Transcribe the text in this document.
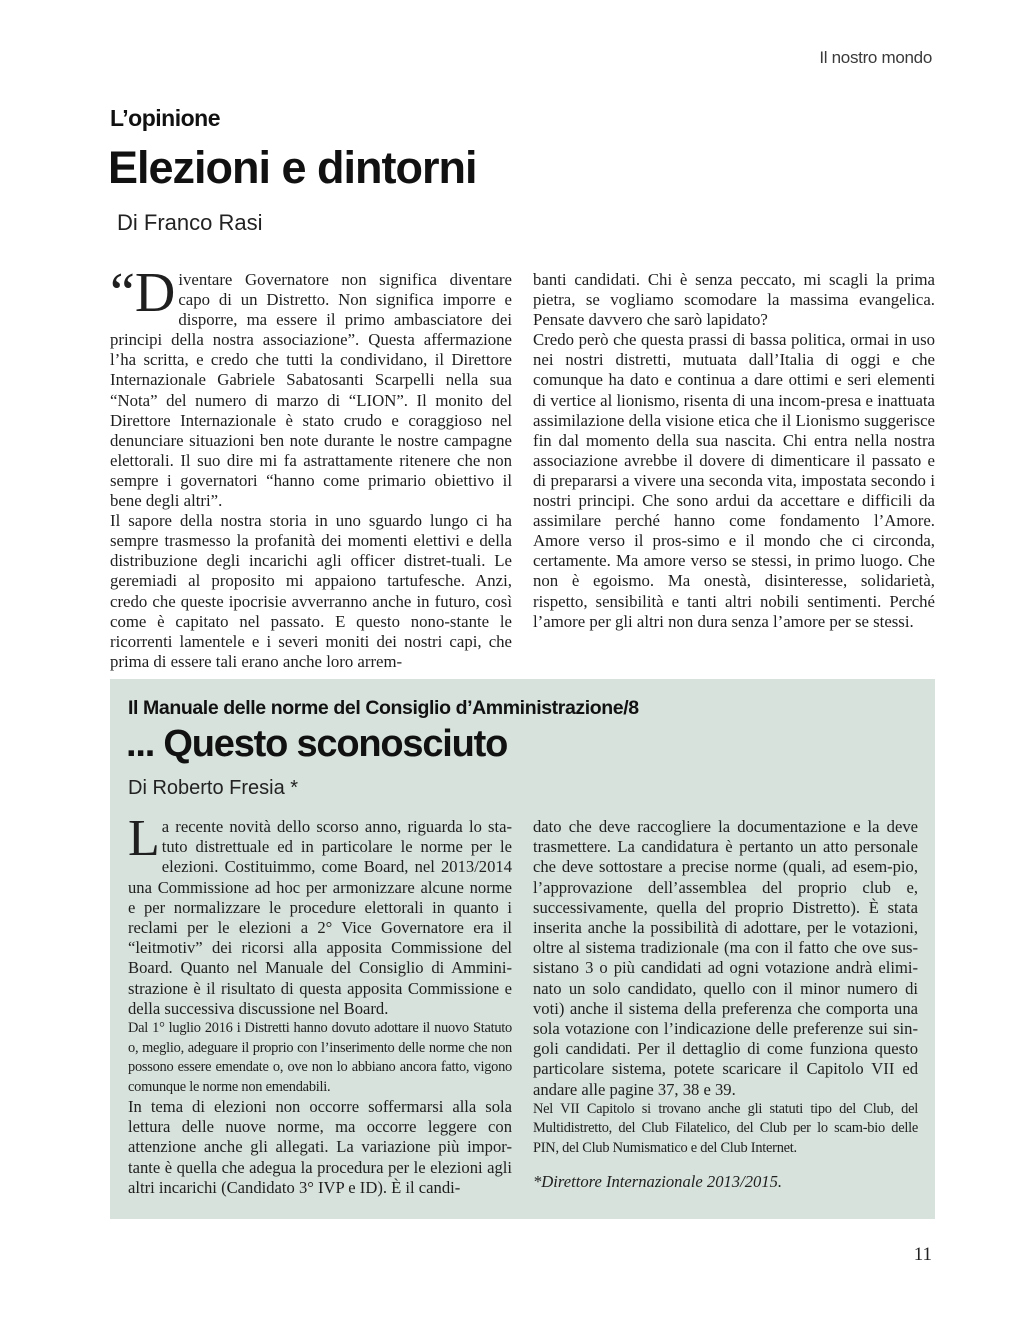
Il nostro mondo
L’opinione
Elezioni e dintorni
Di Franco Rasi

“D iventare Governatore non significa diventare capo di un Distretto. Non significa imporre e disporre, ma essere il primo ambasciatore dei principi della nostra associazione”. Questa affermazione l’ha scritta, e credo che tutti la condividano, il Direttore Internazionale Gabriele Sabatosanti Scarpelli nella sua “Nota” del numero di marzo di “LION”. Il monito del Direttore Internazionale è stato crudo e coraggioso nel denunciare situazioni ben note durante le nostre campagne elettorali. Il suo dire mi fa astrattamente ritenere che non sempre i governatori “hanno come primario obiettivo il bene degli altri”.

Il sapore della nostra storia in uno sguardo lungo ci ha sempre trasmesso la profanità dei momenti elettivi e della distribuzione degli incarichi agli officer distret-tuali. Le geremiadi al proposito mi appaiono tartufesche. Anzi, credo che queste ipocrisie avverranno anche in futuro, così come è capitato nel passato. E questo nono-stante le ricorrenti lamentele e i severi moniti dei nostri capi, che prima di essere tali erano anche loro arrem-

banti candidati. Chi è senza peccato, mi scagli la prima pietra, se vogliamo scomodare la massima evangelica. Pensate davvero che sarò lapidato?

Credo però che questa prassi di bassa politica, ormai in uso nei nostri distretti, mutuata dall’Italia di oggi e che comunque ha dato e continua a dare ottimi e seri elementi di vertice al lionismo, risenta di una incom-presa e inattuata assimilazione della visione etica che il Lionismo suggerisce fin dal momento della sua nascita. Chi entra nella nostra associazione avrebbe il dovere di dimenticare il passato e di prepararsi a vivere una seconda vita, impostata secondo i nostri principi. Che sono ardui da accettare e difficili da assimilare perché hanno come fondamento l’Amore. Amore verso il pros-simo e il mondo che ci circonda, certamente. Ma amore verso se stessi, in primo luogo. Che non è egoismo. Ma onestà, disinteresse, solidarietà, rispetto, sensibilità e tanti altri nobili sentimenti. Perché l’amore per gli altri non dura senza l’amore per se stessi.

Il Manuale delle norme del Consiglio d’Amministrazione/8
... Questo sconosciuto
Di Roberto Fresia *

La recente novità dello scorso anno, riguarda lo sta-tuto distrettuale ed in particolare le norme per le elezioni. Costituimmo, come Board, nel 2013/2014 una Commissione ad hoc per armonizzare alcune norme e per normalizzare le procedure elettorali in quanto i reclami per le elezioni a 2° Vice Governatore era il “leitmotiv” dei ricorsi alla apposita Commissione del Board. Quanto nel Manuale del Consiglio di Ammini-strazione è il risultato di questa apposita Commissione e della successiva discussione nel Board.

Dal 1° luglio 2016 i Distretti hanno dovuto adottare il nuovo Statuto o, meglio, adeguare il proprio con l’inserimento delle norme che non possono essere emendate o, ove non lo abbiano ancora fatto, vigono comunque le norme non emendabili.

In tema di elezioni non occorre soffermarsi alla sola lettura delle nuove norme, ma occorre leggere con attenzione anche gli allegati. La variazione più impor-tante è quella che adegua la procedura per le elezioni agli altri incarichi (Candidato 3° IVP e ID). È il candi-

dato che deve raccogliere la documentazione e la deve trasmettere. La candidatura è pertanto un atto personale che deve sottostare a precise norme (quali, ad esem-pio, l’approvazione dell’assemblea del proprio club e, successivamente, quella del proprio Distretto). È stata inserita anche la possibilità di adottare, per le votazioni, oltre al sistema tradizionale (ma con il fatto che ove sus-sistano 3 o più candidati ad ogni votazione andrà elimi-nato un solo candidato, quello con il minor numero di voti) anche il sistema della preferenza che comporta una sola votazione con l’indicazione delle preferenze sui sin-goli candidati. Per il dettaglio di come funziona questo particolare sistema, potete scaricare il Capitolo VII ed andare alle pagine 37, 38 e 39.

Nel VII Capitolo si trovano anche gli statuti tipo del Club, del Multidistretto, del Club Filatelico, del Club per lo scam-bio delle PIN, del Club Numismatico e del Club Internet.

*Direttore Internazionale 2013/2015.

11
